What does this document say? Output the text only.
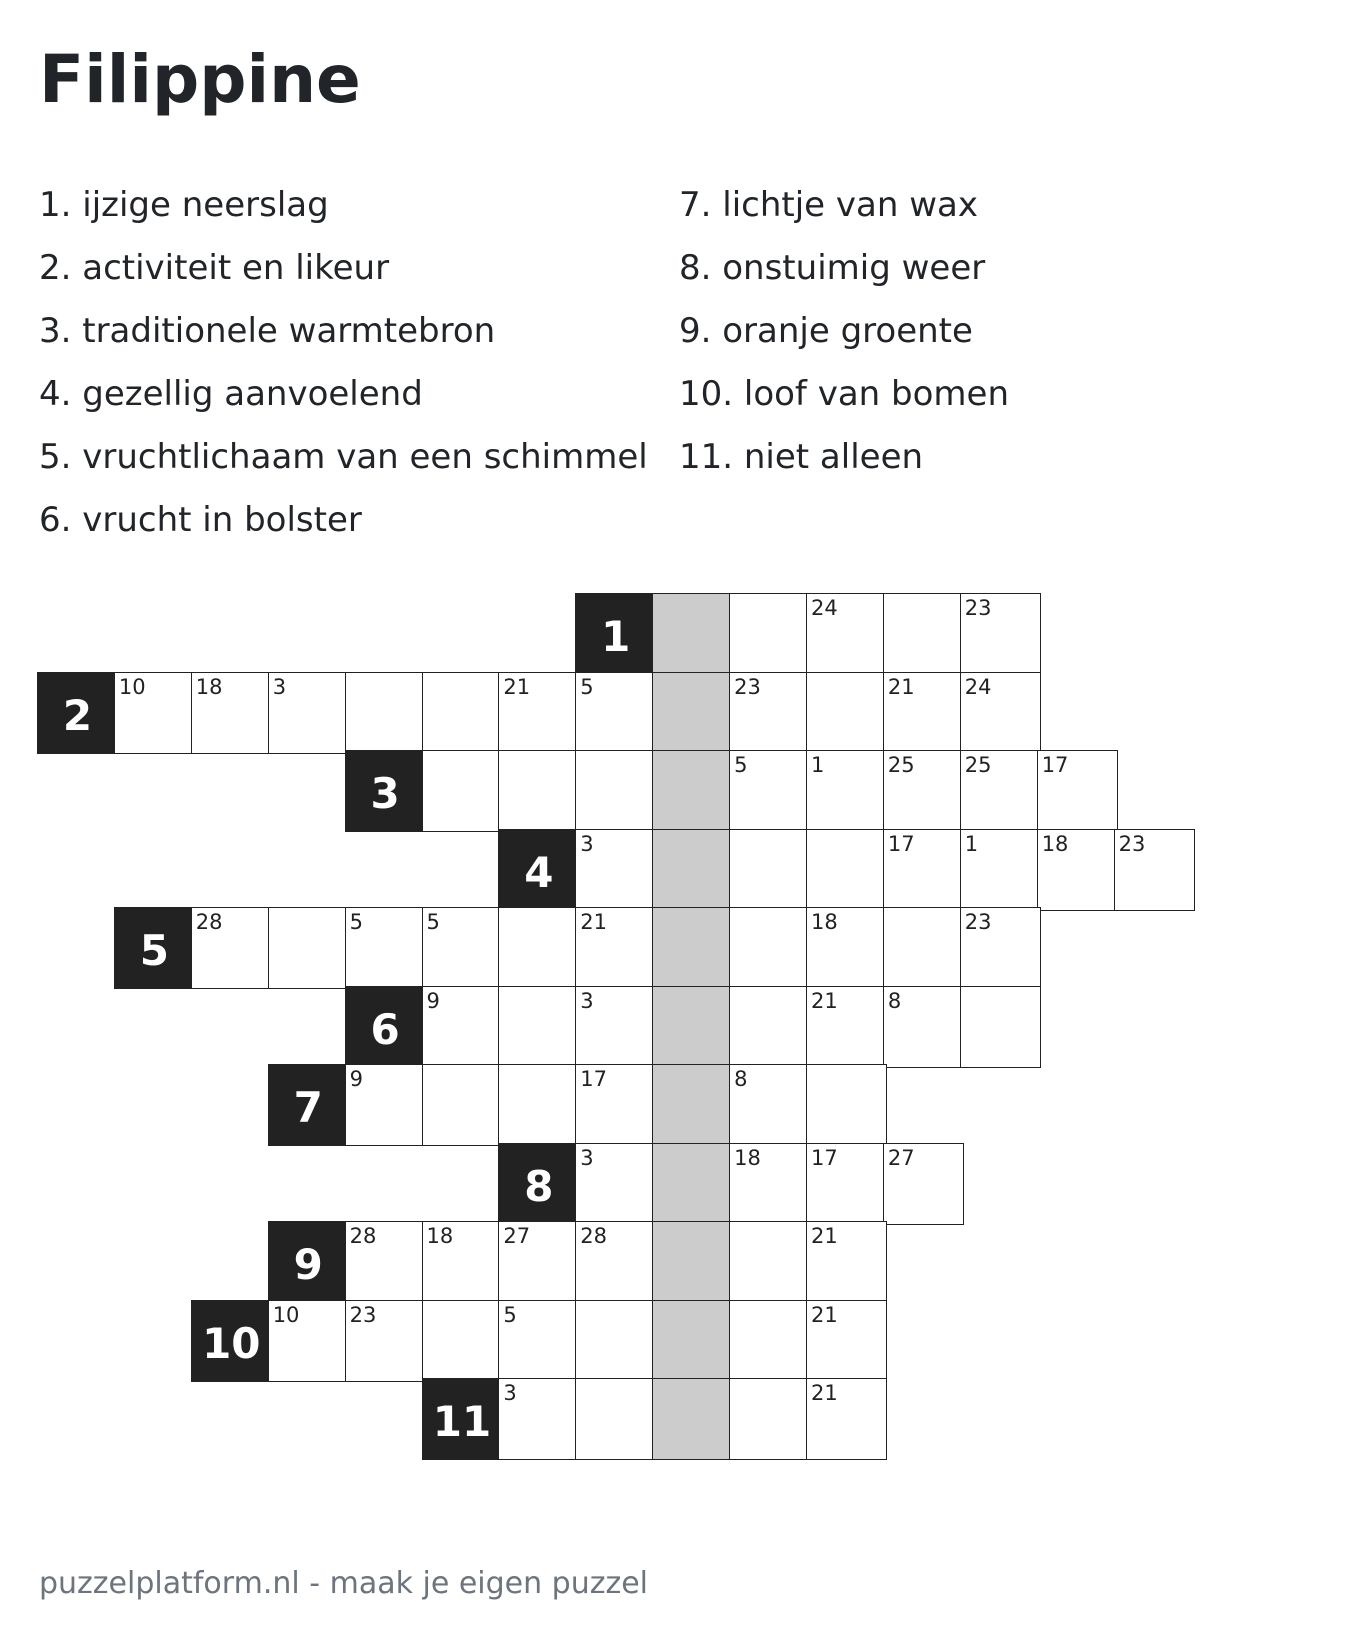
Filippine
1. ijzige neerslag
2. activiteit en likeur
3. traditionele warmtebron
4. gezellig aanvoelend
5. vruchtlichaam van een schimmel
6. vrucht in bolster
7. lichtje van wax
8. onstuimig weer
9. oranje groente
10. loof van bomen
11. niet alleen
1
24	23
2
10 18 3	21 5	23	21 24
3
5	1	25 25 17
4
3	17 1	18 23
5
28	5	5	21	18	23
6
9	3	21 8
7
9	17	8
8
3	18 17 27
9
28 18 27 28	21
10
10 23	5	21
11
3	21
puzzelplatform.nl - maak je eigen puzzel
